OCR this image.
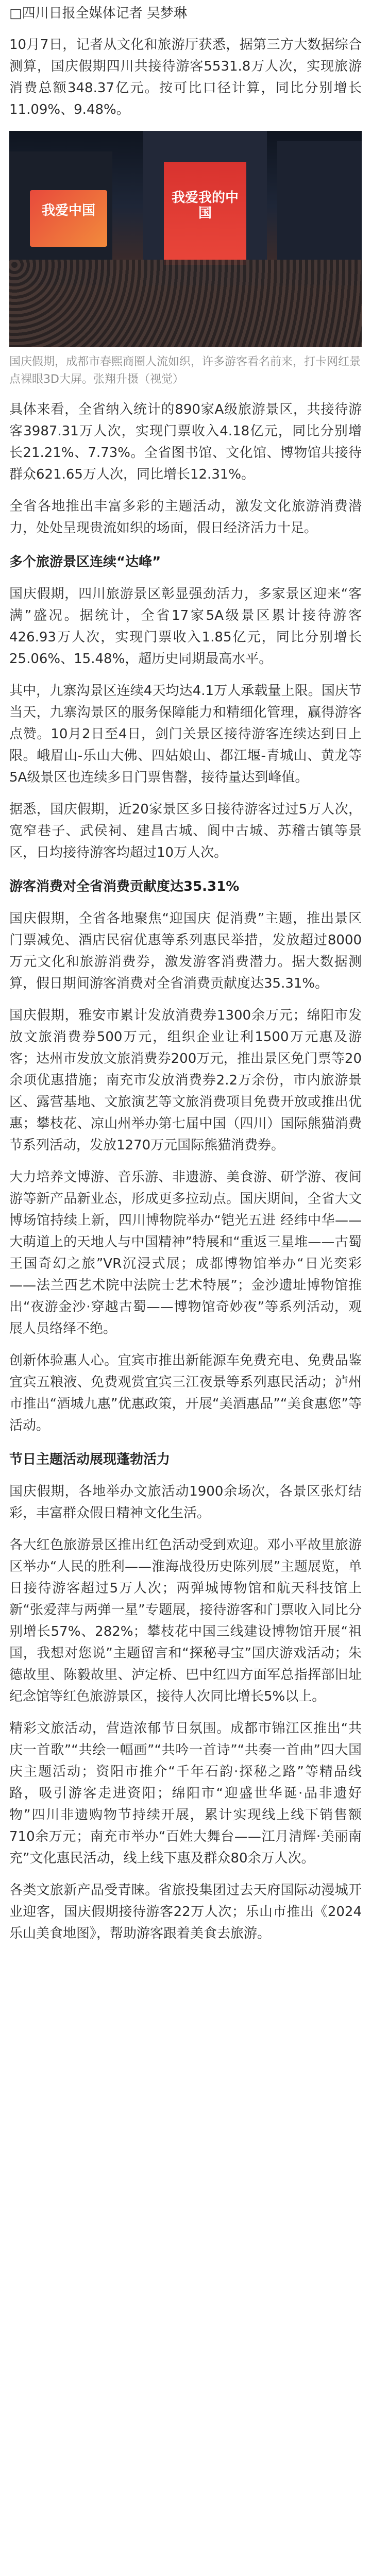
□四川日报全媒体记者 吴梦琳

10月7日，记者从文化和旅游厅获悉，据第三方大数据综合测算，国庆假期四川共接待游客5531.8万人次，实现旅游消费总额348.37亿元。按可比口径计算，同比分别增长11.09%、9.48%。

我爱中国
我爱我的中国
国庆假期，成都市春熙商圈人流如织，许多游客看名前来，打卡网红景点裸眼3D大屏。张翔升摄（视觉）

具体来看，全省纳入统计的890家A级旅游景区，共接待游客3987.31万人次，实现门票收入4.18亿元，同比分别增长21.21%、7.73%。全省图书馆、文化馆、博物馆共接待群众621.65万人次，同比增长12.31%。

全省各地推出丰富多彩的主题活动，激发文化旅游消费潜力，处处呈现贵流如织的场面，假日经济活力十足。

多个旅游景区连续“达峰”

国庆假期，四川旅游景区彰显强劲活力，多家景区迎来“客满”盛况。据统计，全省17家5A级景区累计接待游客426.93万人次，实现门票收入1.85亿元，同比分别增长25.06%、15.48%，超历史同期最高水平。

其中，九寨沟景区连续4天均达4.1万人承载量上限。国庆节当天，九寨沟景区的服务保障能力和精细化管理，赢得游客点赞。10月2日至4日，剑门关景区接待游客连续达到日上限。峨眉山-乐山大佛、四姑娘山、都江堰-青城山、黄龙等5A级景区也连续多日门票售罄，接待量达到峰值。

据悉，国庆假期，近20家景区多日接待游客过过5万人次，宽窄巷子、武侯祠、建昌古城、阆中古城、苏稽古镇等景区，日均接待游客均超过10万人次。

游客消费对全省消费贡献度达35.31%

国庆假期，全省各地聚焦“迎国庆 促消费”主题，推出景区门票减免、酒店民宿优惠等系列惠民举措，发放超过8000万元文化和旅游消费券，激发游客消费潜力。据大数据测算，假日期间游客消费对全省消费贡献度达35.31%。

国庆假期，雅安市累计发放消费券1300余万元；绵阳市发放文旅消费券500万元，组织企业让利1500万元惠及游客；达州市发放文旅消费券200万元，推出景区免门票等20余项优惠措施；南充市发放消费券2.2万余份，市内旅游景区、露营基地、文旅演艺等文旅消费项目免费开放或推出优惠；攀枝花、凉山州举办第七届中国（四川）国际熊猫消费节系列活动，发放1270万元国际熊猫消费券。

大力培养文博游、音乐游、非遗游、美食游、研学游、夜间游等新产品新业态，形成更多拉动点。国庆期间，全省大文博场馆持续上新，四川博物院举办“铠光五进 经纬中华——大萌道上的天地人与中国精神”特展和“重返三星堆——古蜀王国奇幻之旅”VR沉浸式展；成都博物馆举办“日光奕彩——法兰西艺术院中法院士艺术特展”；金沙遗址博物馆推出“夜游金沙·穿越古蜀——博物馆奇妙夜”等系列活动，观展人员络绎不绝。

创新体验惠人心。宜宾市推出新能源车免费充电、免费品鉴宜宾五粮液、免费观赏宜宾三江夜景等系列惠民活动；泸州市推出“酒城九惠”优惠政策，开展“美酒惠品”“美食惠您”等活动。

节日主题活动展现蓬勃活力

国庆假期，各地举办文旅活动1900余场次，各景区张灯结彩，丰富群众假日精神文化生活。

各大红色旅游景区推出红色活动受到欢迎。邓小平故里旅游区举办“人民的胜利——淮海战役历史陈列展”主题展览，单日接待游客超过5万人次；两弹城博物馆和航天科技馆上新“张爱萍与两弹一星”专题展，接待游客和门票收入同比分别增长57%、282%；攀枝花中国三线建设博物馆开展“祖国，我想对您说”主题留言和“探秘寻宝”国庆游戏活动；朱德故里、陈毅故里、泸定桥、巴中红四方面军总指挥部旧址纪念馆等红色旅游景区，接待人次同比增长5%以上。

精彩文旅活动，营造浓郁节日氛围。成都市锦江区推出“共庆一首歌”“共绘一幅画”“共吟一首诗”“共奏一首曲”四大国庆主题活动；资阳市推介“千年石韵·探秘之路”等精品线路，吸引游客走进资阳；绵阳市“迎盛世华诞·品非遗好物”四川非遗购物节持续开展，累计实现线上线下销售额710余万元；南充市举办“百姓大舞台——江月清辉·美丽南充”文化惠民活动，线上线下惠及群众80余万人次。

各类文旅新产品受青睐。省旅投集团过去天府国际动漫城开业迎客，国庆假期接待游客22万人次；乐山市推出《2024乐山美食地图》，帮助游客跟着美食去旅游。
